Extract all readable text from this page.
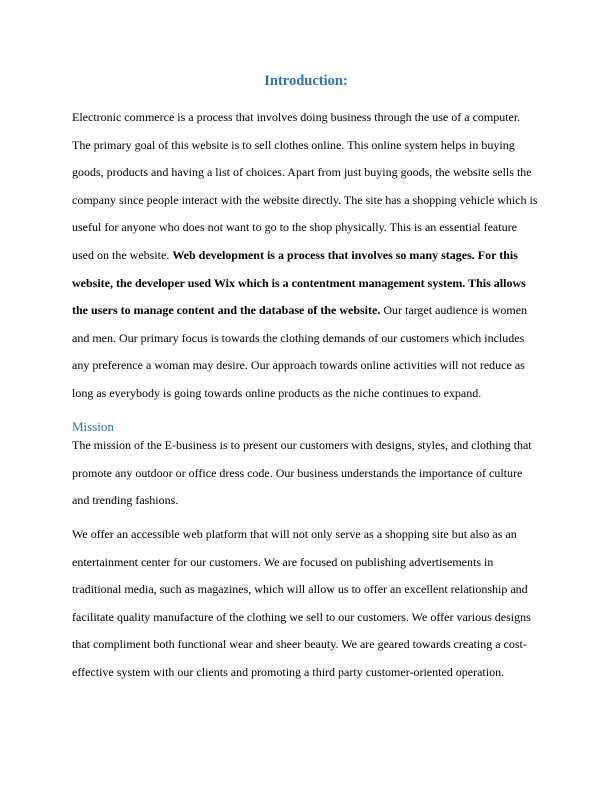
Introduction:

Electronic commerce is a process that involves doing business through the use of a computer. The primary goal of this website is to sell clothes online. This online system helps in buying goods, products and having a list of choices. Apart from just buying goods, the website sells the company since people interact with the website directly. The site has a shopping vehicle which is useful for anyone who does not want to go to the shop physically. This is an essential feature used on the website. Web development is a process that involves so many stages. For this website, the developer used Wix which is a contentment management system. This allows the users to manage content and the database of the website. Our target audience is women and men. Our primary focus is towards the clothing demands of our customers which includes any preference a woman may desire. Our approach towards online activities will not reduce as long as everybody is going towards online products as the niche continues to expand.

Mission

The mission of the E-business is to present our customers with designs, styles, and clothing that promote any outdoor or office dress code. Our business understands the importance of culture and trending fashions.

We offer an accessible web platform that will not only serve as a shopping site but also as an entertainment center for our customers. We are focused on publishing advertisements in traditional media, such as magazines, which will allow us to offer an excellent relationship and facilitate quality manufacture of the clothing we sell to our customers. We offer various designs that compliment both functional wear and sheer beauty. We are geared towards creating a cost-effective system with our clients and promoting a third party customer-oriented operation.
